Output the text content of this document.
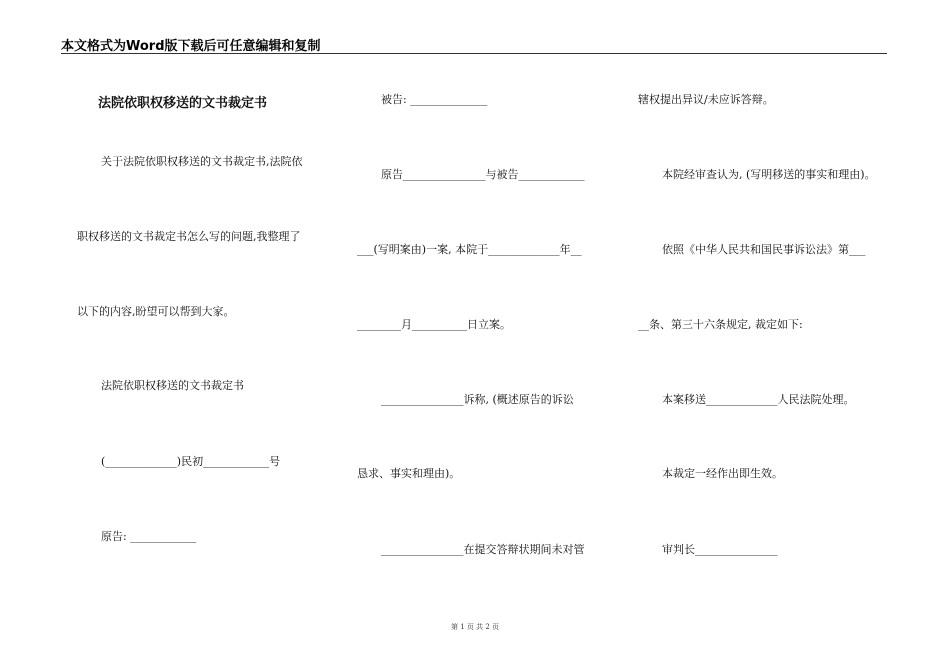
本文格式为Word版下载后可任意编辑和复制
法院依职权移送的文书裁定书
关于法院依职权移送的文书裁定书,法院依
职权移送的文书裁定书怎么写的问题,我整理了
以下的内容,盼望可以帮到大家。
法院依职权移送的文书裁定书
(_____________)民初____________号
原告: ____________
被告: ______________
原告_______________与被告____________
___(写明案由)一案, 本院于_____________年__
________月__________日立案。
_______________诉称, (概述原告的诉讼
恳求、事实和理由)。
_______________在提交答辩状期间未对管
辖权提出异议/未应诉答辩。
本院经审查认为, (写明移送的事实和理由)。
依照《中华人民共和国民事诉讼法》第___
__条、第三十六条规定, 裁定如下:
本案移送_____________人民法院处理。
本裁定一经作出即生效。
审判长_______________
第 1 页 共 2 页
